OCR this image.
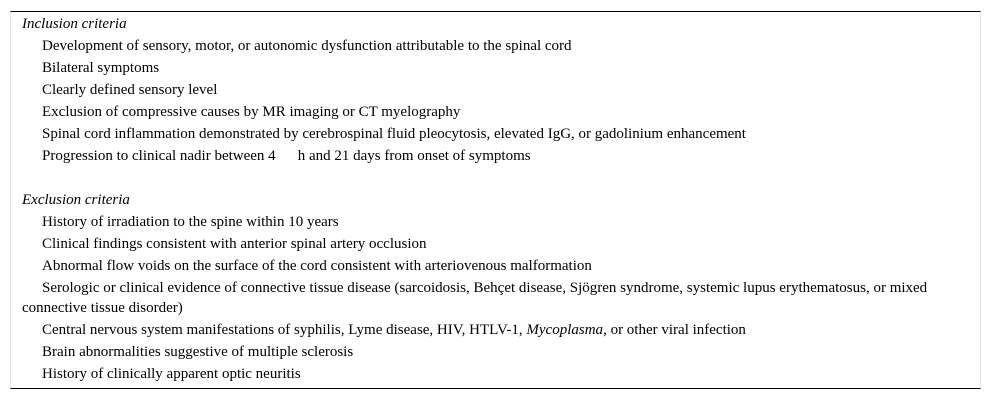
Inclusion criteria

Development of sensory, motor, or autonomic dysfunction attributable to the spinal cord

Bilateral symptoms

Clearly defined sensory level

Exclusion of compressive causes by MR imaging or CT myelography

Spinal cord inflammation demonstrated by cerebrospinal fluid pleocytosis, elevated IgG, or gadolinium enhancement

Progression to clinical nadir between 4 h and 21 days from onset of symptoms

Exclusion criteria

History of irradiation to the spine within 10 years

Clinical findings consistent with anterior spinal artery occlusion

Abnormal flow voids on the surface of the cord consistent with arteriovenous malformation

Serologic or clinical evidence of connective tissue disease (sarcoidosis, Behçet disease, Sjögren syndrome, systemic lupus erythematosus, or mixed connective tissue disorder)

Central nervous system manifestations of syphilis, Lyme disease, HIV, HTLV-1, Mycoplasma, or other viral infection

Brain abnormalities suggestive of multiple sclerosis

History of clinically apparent optic neuritis
